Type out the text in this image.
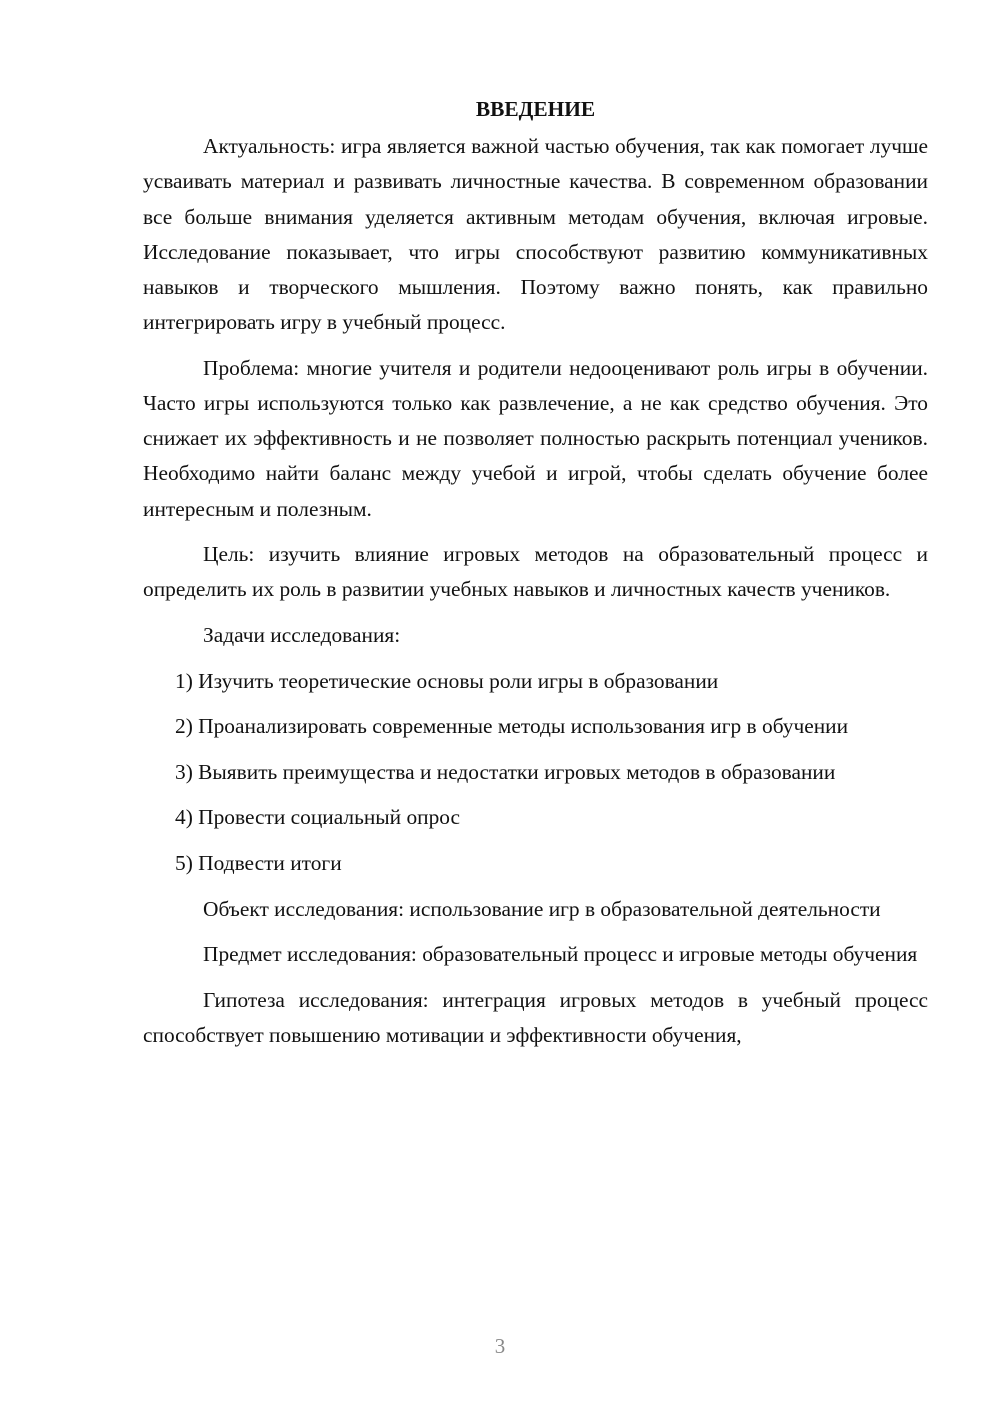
ВВЕДЕНИЕ

Актуальность: игра является важной частью обучения, так как помогает лучше усваивать материал и развивать личностные качества. В современном образовании все больше внимания уделяется активным методам обучения, включая игровые. Исследование показывает, что игры способствуют развитию коммуникативных навыков и творческого мышления. Поэтому важно понять, как правильно интегрировать игру в учебный процесс.

Проблема: многие учителя и родители недооценивают роль игры в обучении. Часто игры используются только как развлечение, а не как средство обучения. Это снижает их эффективность и не позволяет полностью раскрыть потенциал учеников. Необходимо найти баланс между учебой и игрой, чтобы сделать обучение более интересным и полезным.

Цель: изучить влияние игровых методов на образовательный процесс и определить их роль в развитии учебных навыков и личностных качеств учеников.

Задачи исследования:

1) Изучить теоретические основы роли игры в образовании

2) Проанализировать современные методы использования игр в обучении

3) Выявить преимущества и недостатки игровых методов в образовании

4) Провести социальный опрос

5) Подвести итоги

Объект исследования: использование игр в образовательной деятельности

Предмет исследования: образовательный процесс и игровые методы обучения

Гипотеза исследования: интеграция игровых методов в учебный процесс способствует повышению мотивации и эффективности обучения,

3
